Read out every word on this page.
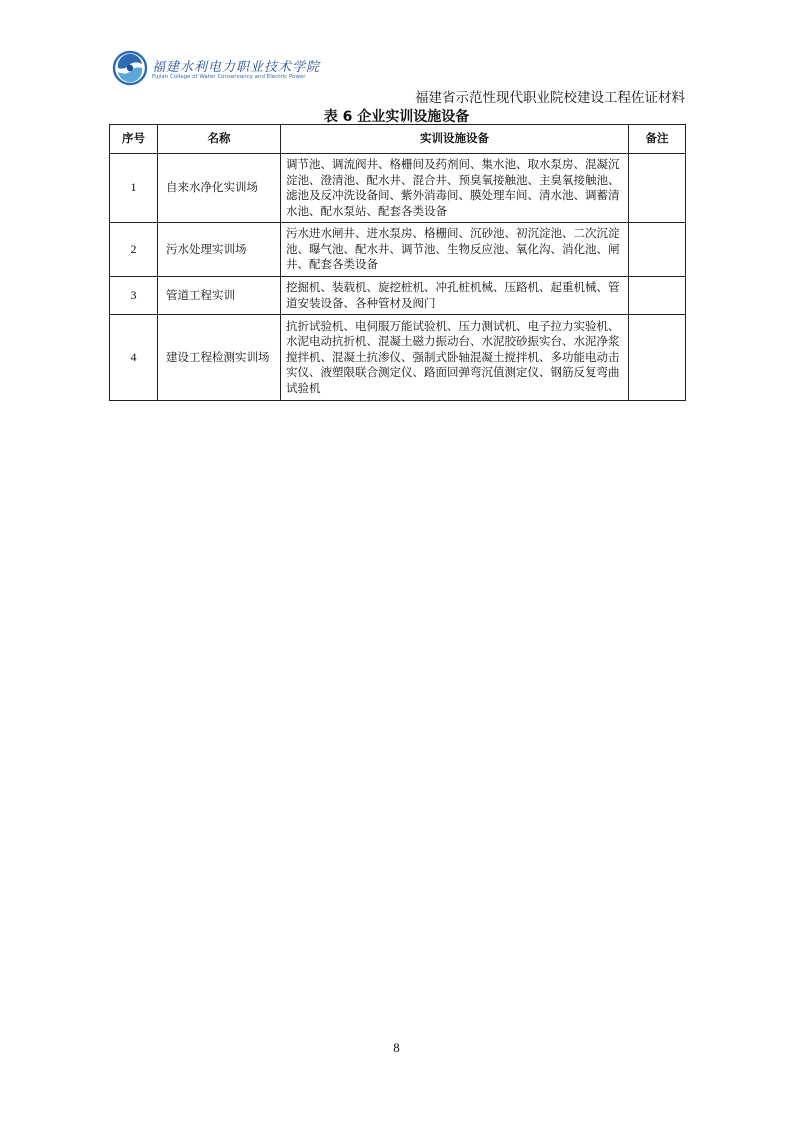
福建水利电力职业技术学院
Fujian College of Water Conservancy and Electric Power
福建省示范性现代职业院校建设工程佐证材料
表 6 企业实训设施设备
序号	名称	实训设施设备	备注
1	自来水净化实训场	调节池、调流阀井、格栅间及药剂间、集水池、取水泵房、混凝沉淀池、澄清池、配水井、混合井、预臭氧接触池、主臭氧接触池、滤池及反冲洗设备间、紫外消毒间、膜处理车间、清水池、调蓄清水池、配水泵站、配套各类设备	
2	污水处理实训场	污水进水闸井、进水泵房、格栅间、沉砂池、初沉淀池、二次沉淀池、曝气池、配水井、调节池、生物反应池、氧化沟、消化池、闸井、配套各类设备	
3	管道工程实训	挖掘机、装载机、旋挖桩机、冲孔桩机械、压路机、起重机械、管道安装设备、各种管材及阀门	
4	建设工程检测实训场	抗折试验机、电伺服万能试验机、压力测试机、电子拉力实验机、水泥电动抗折机、混凝土磁力振动台、水泥胶砂振实台、水泥净浆搅拌机、混凝土抗渗仪、强制式卧轴混凝土搅拌机、多功能电动击实仪、液塑限联合测定仪、路面回弹弯沉值测定仪、钢筋反复弯曲试验机	
8
